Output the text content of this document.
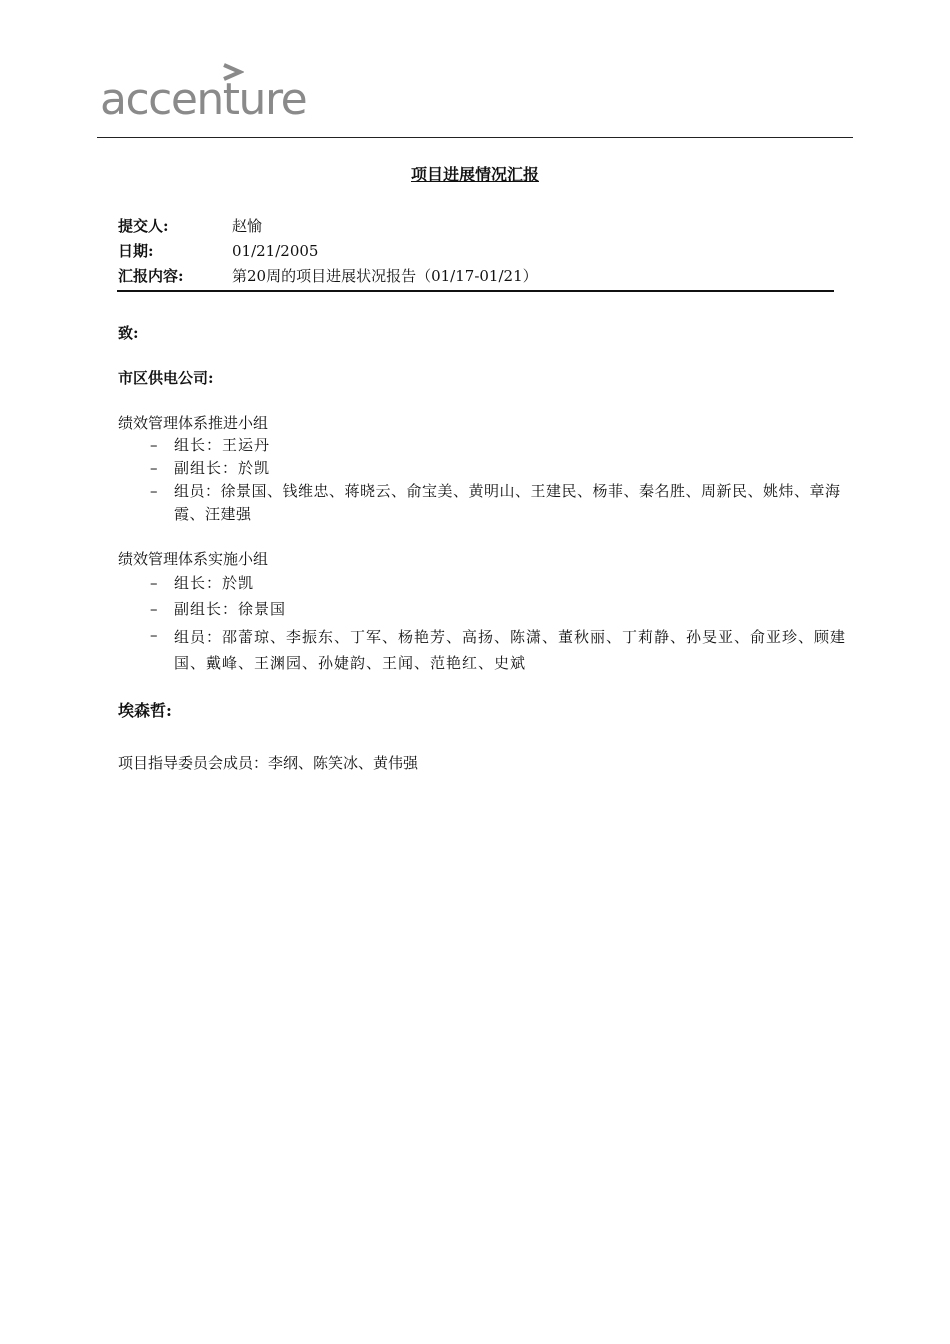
accenture
项目进展情况汇报
提交人:	赵愉
日期:	01/21/2005
汇报内容:	第20周的项目进展状况报告（01/17-01/21）
致:
市区供电公司:
绩效管理体系推进小组
– 组长：王运丹
– 副组长：於凯
– 组员：徐景国、钱维忠、蒋晓云、俞宝美、黄明山、王建民、杨菲、秦名胜、周新民、姚炜、章海霞、汪建强
绩效管理体系实施小组
– 组长：於凯
– 副组长：徐景国
– 组员：邵蕾琼、李振东、丁军、杨艳芳、高扬、陈潇、董秋丽、丁莉静、孙旻亚、俞亚珍、顾建国、戴峰、王渊园、孙婕韵、王闻、范艳红、史斌
埃森哲:
项目指导委员会成员：李纲、陈笑冰、黄伟强
